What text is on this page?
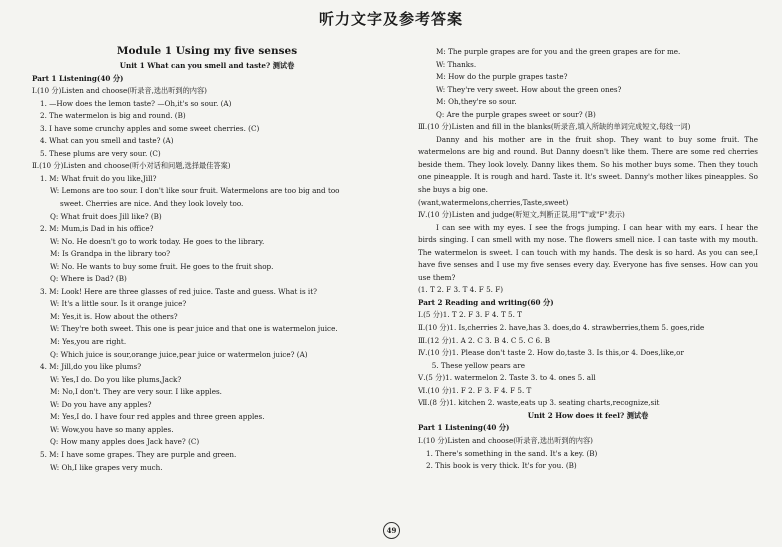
听力文字及参考答案
Module 1 Using my five senses
Unit 1 What can you smell and taste? 测试卷
Part 1 Listening(40 分)
Ⅰ.(10 分)Listen and choose(听录音,选出听到的内容)
1. —How does the lemon taste? —Oh,it's so sour. (A)
2. The watermelon is big and round. (B)
3. I have some crunchy apples and some sweet cherries. (C)
4. What can you smell and taste? (A)
5. These plums are very sour. (C)
Ⅱ.(10 分)Listen and choose(听小对话和问题,选择最佳答案)
1. M: What fruit do you like,Jill?
W: Lemons are too sour. I don't like sour fruit. Watermelons are too big and too
sweet. Cherries are nice. And they look lovely too.
Q: What fruit does Jill like? (B)
2. M: Mum,is Dad in his office?
W: No. He doesn't go to work today. He goes to the library.
M: Is Grandpa in the library too?
W: No. He wants to buy some fruit. He goes to the fruit shop.
Q: Where is Dad? (B)
3. M: Look! Here are three glasses of red juice. Taste and guess. What is it?
W: It's a little sour. Is it orange juice?
M: Yes,it is. How about the others?
W: They're both sweet. This one is pear juice and that one is watermelon juice.
M: Yes,you are right.
Q: Which juice is sour,orange juice,pear juice or watermelon juice? (A)
4. M: Jill,do you like plums?
W: Yes,I do. Do you like plums,Jack?
M: No,I don't. They are very sour. I like apples.
W: Do you have any apples?
M: Yes,I do. I have four red apples and three green apples.
W: Wow,you have so many apples.
Q: How many apples does Jack have? (C)
5. M: I have some grapes. They are purple and green.
W: Oh,I like grapes very much.
M: The purple grapes are for you and the green grapes are for me.
W: Thanks.
M: How do the purple grapes taste?
W: They're very sweet. How about the green ones?
M: Oh,they're so sour.
Q: Are the purple grapes sweet or sour? (B)
Ⅲ.(10 分)Listen and fill in the blanks(听录音,填入所缺的单词完成短文,每线一词)
Danny and his mother are in the fruit shop. They want to buy some fruit. The watermelons are big and round. But Danny doesn't like them. There are some red cherries beside them. They look lovely. Danny likes them. So his mother buys some. Then they touch one pineapple. It is rough and hard. Taste it. It's sweet. Danny's mother likes pineapples. So she buys a big one.
(want,watermelons,cherries,Taste,sweet)
Ⅳ.(10 分)Listen and judge(听短文,判断正误,用"T"或"F"表示)
I can see with my eyes. I see the frogs jumping. I can hear with my ears. I hear the birds singing. I can smell with my nose. The flowers smell nice. I can taste with my mouth. The watermelon is sweet. I can touch with my hands. The desk is so hard. As you can see,I have five senses and I use my five senses every day. Everyone has five senses. How can you use them?
(1. T 2. F 3. T 4. F 5. F)
Part 2 Reading and writing(60 分)
Ⅰ.(5 分)1. T 2. F 3. F 4. T 5. T
Ⅱ.(10 分)1. Is,cherries 2. have,has 3. does,do 4. strawberries,them 5. goes,ride
Ⅲ.(12 分)1. A 2. C 3. B 4. C 5. C 6. B
Ⅳ.(10 分)1. Please don't taste 2. How do,taste 3. Is this,or 4. Does,like,or
5. These yellow pears are
Ⅴ.(5 分)1. watermelon 2. Taste 3. to 4. ones 5. all
Ⅵ.(10 分)1. F 2. F 3. F 4. F 5. T
Ⅶ.(8 分)1. kitchen 2. waste,eats up 3. seating charts,recognize,sit
Unit 2 How does it feel? 测试卷
Part 1 Listening(40 分)
Ⅰ.(10 分)Listen and choose(听录音,选出听到的内容)
1. There's something in the sand. It's a key. (B)
2. This book is very thick. It's for you. (B)
49
